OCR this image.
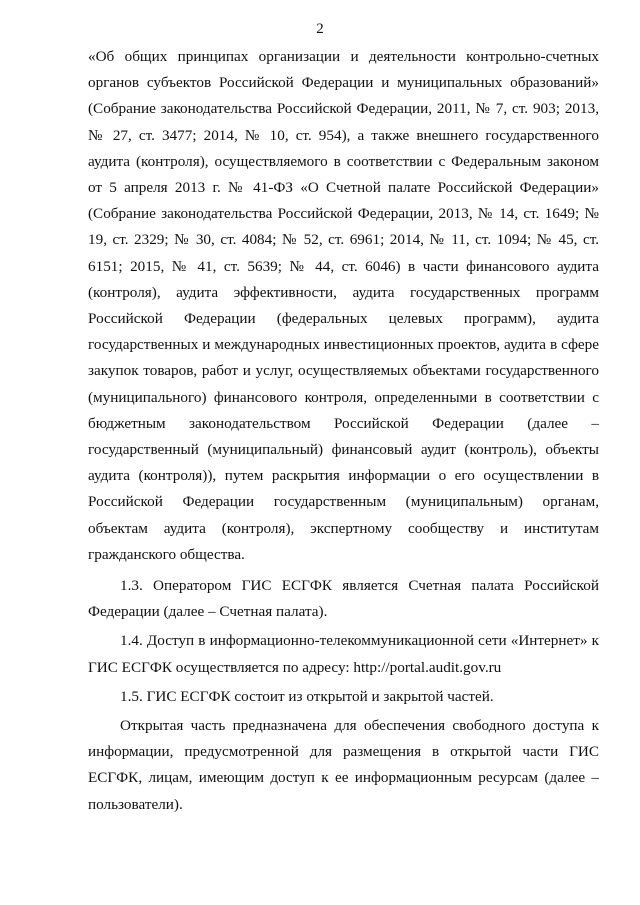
2

«Об общих принципах организации и деятельности контрольно-счетных органов субъектов Российской Федерации и муниципальных образований» (Собрание законодательства Российской Федерации, 2011, № 7, ст. 903; 2013, № 27, ст. 3477; 2014, № 10, ст. 954), а также внешнего государственного аудита (контроля), осуществляемого в соответствии с Федеральным законом от 5 апреля 2013 г. № 41-ФЗ «О Счетной палате Российской Федерации» (Собрание законодательства Российской Федерации, 2013, № 14, ст. 1649; № 19, ст. 2329; № 30, ст. 4084; № 52, ст. 6961; 2014, № 11, ст. 1094; № 45, ст. 6151; 2015, № 41, ст. 5639; № 44, ст. 6046) в части финансового аудита (контроля), аудита эффективности, аудита государственных программ Российской Федерации (федеральных целевых программ), аудита государственных и международных инвестиционных проектов, аудита в сфере закупок товаров, работ и услуг, осуществляемых объектами государственного (муниципального) финансового контроля, определенными в соответствии с бюджетным законодательством Российской Федерации (далее – государственный (муниципальный) финансовый аудит (контроль), объекты аудита (контроля)), путем раскрытия информации о его осуществлении в Российской Федерации государственным (муниципальным) органам, объектам аудита (контроля), экспертному сообществу и институтам гражданского общества.

1.3. Оператором ГИС ЕСГФК является Счетная палата Российской Федерации (далее – Счетная палата).

1.4. Доступ в информационно-телекоммуникационной сети «Интернет» к ГИС ЕСГФК осуществляется по адресу: http://portal.audit.gov.ru

1.5. ГИС ЕСГФК состоит из открытой и закрытой частей.

Открытая часть предназначена для обеспечения свободного доступа к информации, предусмотренной для размещения в открытой части ГИС ЕСГФК, лицам, имеющим доступ к ее информационным ресурсам (далее – пользователи).
